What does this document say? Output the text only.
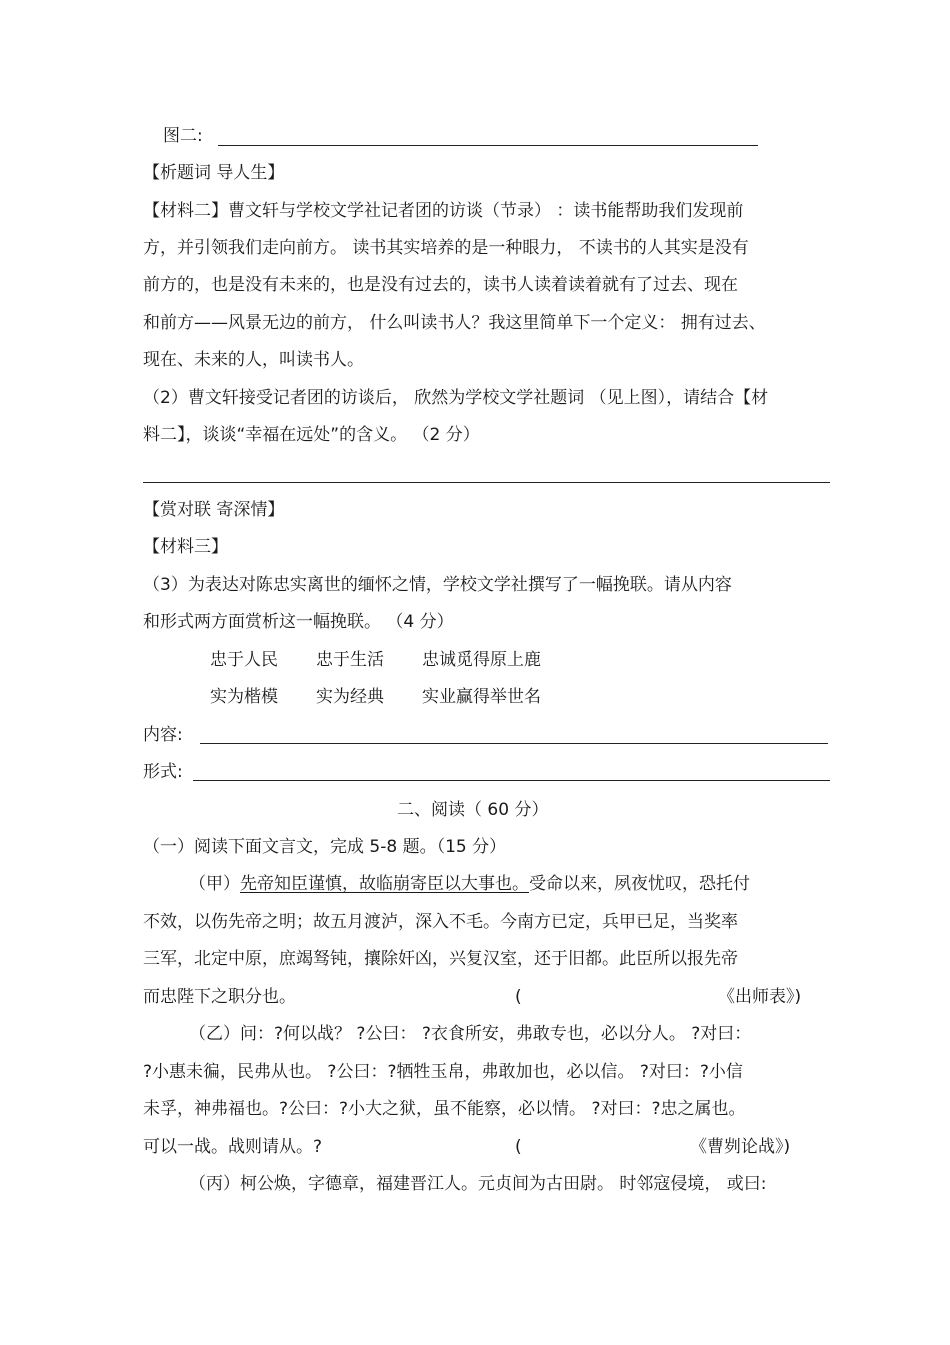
图二:
【析题词 导人生】
【材料二】曹文轩与学校文学社记者团的访谈（节录） ：读书能帮助我们发现前
方，并引领我们走向前方。 读书其实培养的是一种眼力， 不读书的人其实是没有
前方的，也是没有未来的，也是没有过去的，读书人读着读着就有了过去、现在
和前方——风景无边的前方， 什么叫读书人？我这里简单下一个定义： 拥有过去、
现在、未来的人，叫读书人。
（2）曹文轩接受记者团的访谈后， 欣然为学校文学社题词 （见上图），请结合【材
料二】，谈谈“幸福在远处”的含义。 （2 分）
【赏对联 寄深情】
【材料三】
（3）为表达对陈忠实离世的缅怀之情，学校文学社撰写了一幅挽联。请从内容
和形式两方面赏析这一幅挽联。 （4 分）
忠于人民 忠于生活 忠诚觅得原上鹿
实为楷模 实为经典 实业赢得举世名
内容:
形式:
二、阅读（ 60 分）
（一）阅读下面文言文，完成 5-8 题。（15 分）
（甲）先帝知臣谨慎，故临崩寄臣以大事也。受命以来，夙夜忧叹，恐托付
不效，以伤先帝之明；故五月渡泸，深入不毛。今南方已定，兵甲已足，当奖率
三军，北定中原，庶竭驽钝，攘除奸凶，兴复汉室，还于旧都。此臣所以报先帝
而忠陛下之职分也。	(	《出师表》)
（乙）问：?何以战？ ?公曰： ?衣食所安，弗敢专也，必以分人。 ?对曰：
?小惠未徧，民弗从也。 ?公曰：?牺牲玉帛，弗敢加也，必以信。 ?对曰：?小信
未孚，神弗福也。?公曰：?小大之狱，虽不能察，必以情。 ?对曰：?忠之属也。
可以一战。战则请从。?	(	《曹刿论战》)
（丙）柯公焕，字德章，福建晋江人。元贞间为古田尉。 时邻寇侵境， 或曰:
